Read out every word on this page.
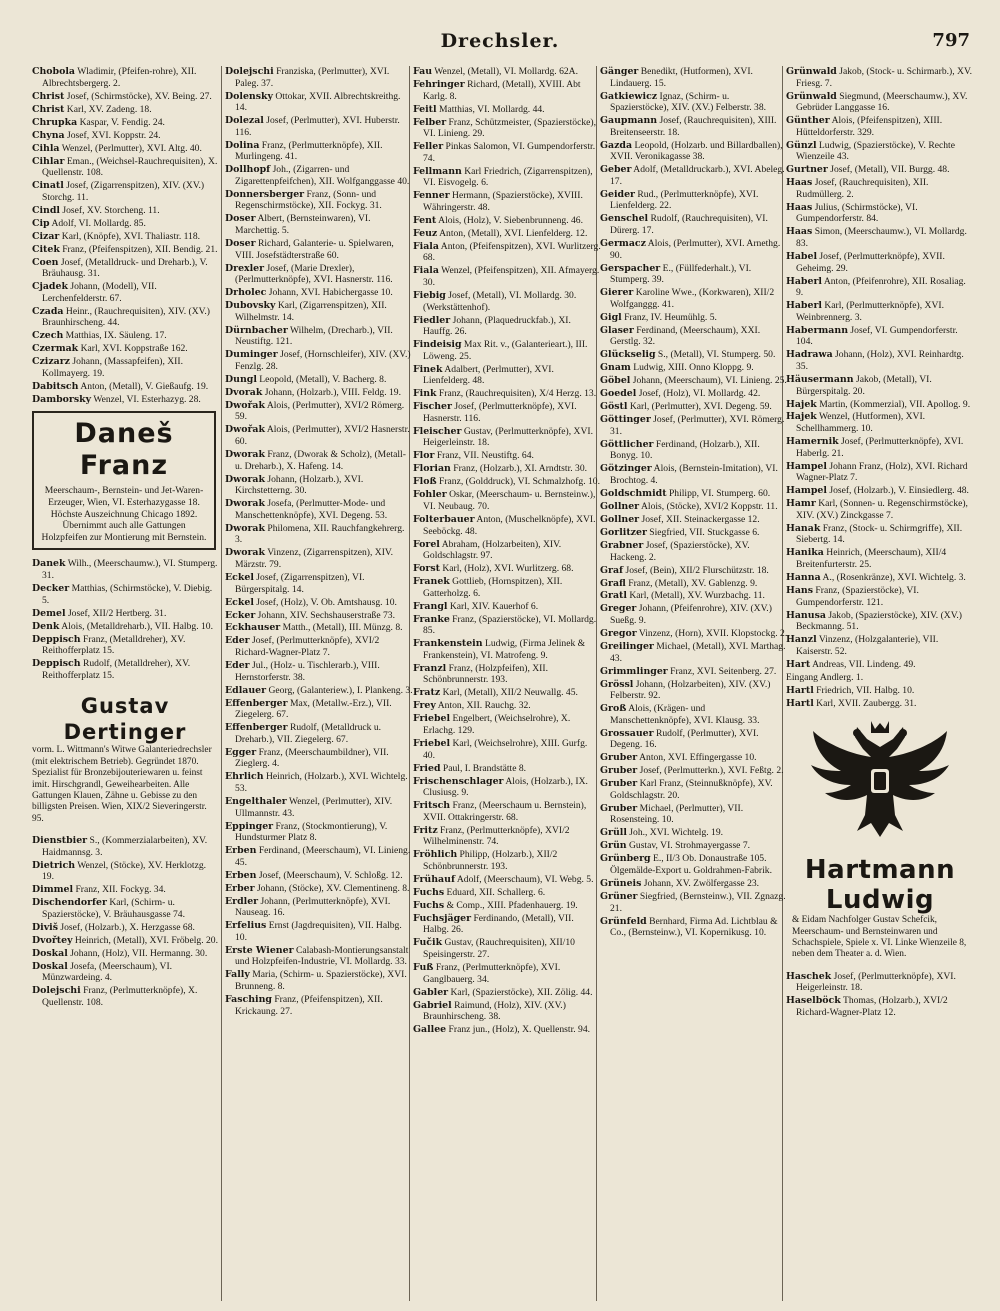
Drechsler.	797
Chobola Wladimir, (Pfeifen-rohre), XII. Albrechtsbergerg. 2.
Christ Josef, (Schirmstöcke), XV. Being. 27.
Christ Karl, XV. Zadeng. 18.
Chrupka Kaspar, V. Fendig. 24.
Chyna Josef, XVI. Koppstr. 24.
Cihla Wenzel, (Perlmutter), XVI. Altg. 40.
Cihlar Eman., (Weichsel-Rauchrequisiten), X. Quellenstr. 108.
Cinatl Josef, (Zigarrenspitzen), XIV. (XV.) Storchg. 11.
Cindl Josef, XV. Storcheng. 11.
Cip Adolf, VI. Mollardg. 85.
Cizar Karl, (Knöpfe), XVI. Thaliastr. 118.
Citek Franz, (Pfeifenspitzen), XII. Bendig. 21.
Coen Josef, (Metalldruck- und Dreharb.), V. Bräuhausg. 31.
Cjadek Johann, (Modell), VII. Lerchenfelderstr. 67.
Czada Heinr., (Rauchrequisiten), XIV. (XV.) Braunhirscheng. 44.
Czech Matthias, IX. Säuleng. 17.
Czermak Karl, XVI. Koppstraße 162.
Czizarz Johann, (Massapfeifen), XII. Kollmayerg. 19.
Dabitsch Anton, (Metall), V. Gießaufg. 19.
Damborsky Wenzel, VI. Esterhazyg. 28.
Daneš Franz
Meerschaum-, Bernstein- und Jet-Waren-Erzeuger, Wien, VI. Esterhazygasse 18. Höchste Auszeichnung Chicago 1892. Übernimmt auch alle Gattungen Holzpfeifen zur Montierung mit Bernstein.
Danek Wilh., (Meerschaumw.), VI. Stumperg. 31.
Decker Matthias, (Schirmstöcke), V. Diebig. 5.
Demel Josef, XII/2 Hertberg. 31.
Denk Alois, (Metalldreharb.), VII. Halbg. 10.
Deppisch Franz, (Metalldreher), XV. Reithofferplatz 15.
Deppisch Rudolf, (Metalldreher), XV. Reithofferplatz 15.
Gustav Dertinger
vorm. L. Wittmann's Witwe Galanteriedrechsler (mit elektrischem Betrieb). Gegründet 1870. Spezialist für Bronzebijouteriewaren u. feinst imit. Hirschgrandl, Geweihearbeiten. Alle Gattungen Klauen, Zähne u. Gebisse zu den billigsten Preisen. Wien, XIX/2 Sieveringerstr. 95.
Dienstbier S., (Kommerzialarbeiten), XV. Haidmannsg. 3.
Dietrich Wenzel, (Stöcke), XV. Herklotzg. 19.
Dimmel Franz, XII. Fockyg. 34.
Dischendorfer Karl, (Schirm- u. Spazierstöcke), V. Bräuhausgasse 74.
Diviš Josef, (Holzarb.), X. Herzgasse 68.
Dvořtey Heinrich, (Metall), XVI. Fröbelg. 20.
Doskal Johann, (Holz), VII. Hermanng. 30.
Doskal Josefa, (Meerschaum), VI. Münzwardeing. 4.
Dolejschi Franz, (Perlmutterknöpfe), X. Quellenstr. 108.
Dolejschi Franziska, (Perlmutter), XVI. Paleg. 37.
Dolensky Ottokar, XVII. Albrechtskreithg. 14.
Dolezal Josef, (Perlmutter), XVI. Huberstr. 116.
Dolina Franz, (Perlmutterknöpfe), XII. Murlingeng. 41.
Dollhopf Joh., (Zigarren- und Zigarettenpfeifchen), XII. Wolfganggasse 40.
Donnersberger Franz, (Sonn- und Regenschirmstöcke), XII. Fockyg. 31.
Doser Albert, (Bernsteinwaren), VI. Marchettig. 5.
Doser Richard, Galanterie- u. Spielwaren, VIII. Josefstädterstraße 60.
Drexler Josef, (Marie Drexler), (Perlmutterknöpfe), XVI. Hasnerstr. 116.
Drholec Johann, XVI. Habichergasse 10.
Dubovsky Karl, (Zigarrenspitzen), XII. Wilhelmstr. 14.
Dürnbacher Wilhelm, (Drecharb.), VII. Neustiftg. 121.
Duminger Josef, (Hornschleifer), XIV. (XV.) Fenzlg. 28.
Dungl Leopold, (Metall), V. Bacherg. 8.
Dvorak Johann, (Holzarb.), VIII. Feldg. 19.
Dwořak Alois, (Perlmutter), XVI/2 Römerg. 59.
Dwořak Alois, (Perlmutter), XVI/2 Hasnerstr. 60.
Dworak Franz, (Dworak & Scholz), (Metall- u. Dreharb.), X. Hafeng. 14.
Dworak Johann, (Holzarb.), XVI. Kirchstetterng. 30.
Dworak Josefa, (Perlmutter-Mode- und Manschettenknöpfe), XVI. Degeng. 53.
Dworak Philomena, XII. Rauchfangkehrerg. 3.
Dworak Vinzenz, (Zigarrenspitzen), XIV. Märzstr. 79.
Eckel Josef, (Zigarrenspitzen), VI. Bürgerspitalg. 14.
Eckel Josef, (Holz), V. Ob. Amtshausg. 10.
Ecker Johann, XIV. Sechshauserstraße 73.
Eckhauser Matth., (Metall), III. Münzg. 8.
Eder Josef, (Perlmutterknöpfe), XVI/2 Richard-Wagner-Platz 7.
Eder Jul., (Holz- u. Tischlerarb.), VIII. Hernstorferstr. 38.
Edlauer Georg, (Galanteriew.), I. Plankeng. 3.
Effenberger Max, (Metallw.-Erz.), VII. Ziegelerg. 67.
Effenberger Rudolf, (Metalldruck u. Dreharb.), VII. Ziegelerg. 67.
Egger Franz, (Meerschaumbildner), VII. Zieglerg. 4.
Ehrlich Heinrich, (Holzarb.), XVI. Wichtelg. 53.
Engelthaler Wenzel, (Perlmutter), XIV. Ullmannstr. 43.
Eppinger Franz, (Stockmontierung), V. Hundsturmer Platz 8.
Erben Ferdinand, (Meerschaum), VI. Linieng. 45.
Erben Josef, (Meerschaum), V. Schloßg. 12.
Erber Johann, (Stöcke), XV. Clementineng. 8.
Erdler Johann, (Perlmutterknöpfe), XVI. Nauseag. 16.
Erfelius Ernst (Jagdrequisiten), VII. Halbg. 10.
Erste Wiener Calabash-Montierungsanstalt und Holzpfeifen-Industrie, VI. Mollardg. 33.
Fally Maria, (Schirm- u. Spazierstöcke), XVI. Brunneng. 8.
Fasching Franz, (Pfeifenspitzen), XII. Krickaung. 27.
Fau Wenzel, (Metall), VI. Mollardg. 62A.
Fehringer Richard, (Metall), XVIII. Abt Karlg. 8.
Feitl Matthias, VI. Mollardg. 44.
Felber Franz, Schützmeister, (Spazierstöcke), VI. Linieng. 29.
Feller Pinkas Salomon, VI. Gumpendorferstr. 74.
Fellmann Karl Friedrich, (Zigarrenspitzen), VI. Eisvogelg. 6.
Fenner Hermann, (Spazierstöcke), XVIII. Währingerstr. 48.
Fent Alois, (Holz), V. Siebenbrunneng. 46.
Feuz Anton, (Metall), XVI. Lienfelderg. 12.
Fiala Anton, (Pfeifenspitzen), XVI. Wurlitzerg. 68.
Fiala Wenzel, (Pfeifenspitzen), XII. Afmayerg. 30.
Fiebig Josef, (Metall), VI. Mollardg. 30. (Werkstättenhof).
Fiedler Johann, (Plaquedruckfab.), XI. Hauffg. 26.
Findeisig Max Rit. v., (Galanterieart.), III. Löweng. 25.
Finek Adalbert, (Perlmutter), XVI. Lienfelderg. 48.
Fink Franz, (Rauchrequisiten), X/4 Herzg. 13.
Fischer Josef, (Perlmutterknöpfe), XVI. Hasnerstr. 116.
Fleischer Gustav, (Perlmutterknöpfe), XVI. Heigerleinstr. 18.
Flor Franz, VII. Neustiftg. 64.
Florian Franz, (Holzarb.), XI. Arndtstr. 30.
Floß Franz, (Golddruck), VI. Schmalzhofg. 10.
Fohler Oskar, (Meerschaum- u. Bernsteinw.), VI. Neubaug. 70.
Folterbauer Anton, (Muschelknöpfe), XVI. Seeböckg. 48.
Forel Abraham, (Holzarbeiten), XIV. Goldschlagstr. 97.
Forst Karl, (Holz), XVI. Wurlitzerg. 68.
Franek Gottlieb, (Hornspitzen), XII. Gatterholzg. 6.
Frangl Karl, XIV. Kauerhof 6.
Franke Franz, (Spazierstöcke), VI. Mollardg. 85.
Frankenstein Ludwig, (Firma Jelinek & Frankenstein), VI. Matrofeng. 9.
Franzl Franz, (Holzpfeifen), XII. Schönbrunnerstr. 193.
Fratz Karl, (Metall), XII/2 Neuwallg. 45.
Frey Anton, XII. Rauchg. 32.
Friebel Engelbert, (Weichselrohre), X. Erlachg. 129.
Friebel Karl, (Weichselrohre), XIII. Gurfg. 40.
Fried Paul, I. Brandstätte 8.
Frischenschlager Alois, (Holzarb.), IX. Clusiusg. 9.
Fritsch Franz, (Meerschaum u. Bernstein), XVII. Ottakringerstr. 68.
Fritz Franz, (Perlmutterknöpfe), XVI/2 Wilhelminenstr. 74.
Fröhlich Philipp, (Holzarb.), XII/2 Schönbrunnerstr. 193.
Frühauf Adolf, (Meerschaum), VI. Webg. 5.
Fuchs Eduard, XII. Schallerg. 6.
Fuchs & Comp., XIII. Pfadenhauerg. 19.
Fuchsjäger Ferdinando, (Metall), VII. Halbg. 26.
Fučik Gustav, (Rauchrequisiten), XII/10 Speisingerstr. 27.
Fuß Franz, (Perlmutterknöpfe), XVI. Ganglbauerg. 34.
Gabler Karl, (Spazierstöcke), XII. Zölig. 44.
Gabriel Raimund, (Holz), XIV. (XV.) Braunhirscheng. 38.
Gallee Franz jun., (Holz), X. Quellenstr. 94.
Gänger Benedikt, (Hutformen), XVI. Lindauerg. 15.
Gatkiewicz Ignaz, (Schirm- u. Spazierstöcke), XIV. (XV.) Felberstr. 38.
Gaupmann Josef, (Rauchrequisiten), XIII. Breitenseerstr. 18.
Gazda Leopold, (Holzarb. und Billardballen), XVII. Veronikagasse 38.
Geber Adolf, (Metalldruckarb.), XVI. Abeleg. 17.
Geider Rud., (Perlmutterknöpfe), XVI. Lienfelderg. 22.
Genschel Rudolf, (Rauchrequisiten), VI. Dürerg. 17.
Germacz Alois, (Perlmutter), XVI. Arnethg. 90.
Gerspacher E., (Füllfederhalt.), VI. Stumperg. 39.
Gierer Karoline Wwe., (Korkwaren), XII/2 Wolfganggg. 41.
Gigl Franz, IV. Heumühlg. 5.
Glaser Ferdinand, (Meerschaum), XXI. Gerstlg. 32.
Glückselig S., (Metall), VI. Stumperg. 50.
Gnam Ludwig, XIII. Onno Kloppg. 9.
Göbel Johann, (Meerschaum), VI. Linieng. 25.
Goedel Josef, (Holz), VI. Mollardg. 42.
Göstl Karl, (Perlmutter), XVI. Degeng. 59.
Göttinger Josef, (Perlmutter), XVI. Römerg. 31.
Göttlicher Ferdinand, (Holzarb.), XII. Bonyg. 10.
Götzinger Alois, (Bernstein-Imitation), VI. Brochtog. 4.
Goldschmidt Philipp, VI. Stumperg. 60.
Gollner Alois, (Stöcke), XVI/2 Koppstr. 11.
Gollner Josef, XII. Steinackergasse 12.
Gorlitzer Siegfried, VII. Stuckgasse 6.
Grabner Josef, (Spazierstöcke), XV. Hackeng. 2.
Graf Josef, (Bein), XII/2 Flurschützstr. 18.
Grafl Franz, (Metall), XV. Gablenzg. 9.
Gratl Karl, (Metall), XV. Wurzbachg. 11.
Greger Johann, (Pfeifenrohre), XIV. (XV.) Sueßg. 9.
Gregor Vinzenz, (Horn), XVII. Klopstockg. 2.
Greilinger Michael, (Metall), XVI. Marthag. 43.
Grimmlinger Franz, XVI. Seitenberg. 27.
Grössl Johann, (Holzarbeiten), XIV. (XV.) Felberstr. 92.
Groß Alois, (Krägen- und Manschettenknöpfe), XVI. Klausg. 33.
Grossauer Rudolf, (Perlmutter), XVI. Degeng. 16.
Gruber Anton, XVI. Effingergasse 10.
Gruber Josef, (Perlmutterkn.), XVI. Feßtg. 2.
Gruber Karl Franz, (Steinnußknöpfe), XV. Goldschlagstr. 20.
Gruber Michael, (Perlmutter), VII. Rosensteing. 10.
Grüll Joh., XVI. Wichtelg. 19.
Grün Gustav, VI. Strohmayergasse 7.
Grünberg E., II/3 Ob. Donaustraße 105. Ölgemälde-Export u. Goldrahmen-Fabrik.
Grüneis Johann, XV. Zwölfergasse 23.
Grüner Siegfried, (Bernsteinw.), VII. Zgnazg. 21.
Grünfeld Bernhard, Firma Ad. Lichtblau & Co., (Bernsteinw.), VI. Kopernikusg. 10.
Grünwald Jakob, (Stock- u. Schirmarb.), XV. Friesg. 7.
Grünwald Siegmund, (Meerschaumw.), XV. Gebrüder Langgasse 16.
Günther Alois, (Pfeifenspitzen), XIII. Hütteldorferstr. 329.
Günzl Ludwig, (Spazierstöcke), V. Rechte Wienzeile 43.
Gurtner Josef, (Metall), VII. Burgg. 48.
Haas Josef, (Rauchrequisiten), XII. Rudmüllerg. 2.
Haas Julius, (Schirmstöcke), VI. Gumpendorferstr. 84.
Haas Simon, (Meerschaumw.), VI. Mollardg. 83.
Habel Josef, (Perlmutterknöpfe), XVII. Geheimg. 29.
Haberl Anton, (Pfeifenrohre), XII. Rosaliag. 9.
Haberl Karl, (Perlmutterknöpfe), XVI. Weinbrennerg. 3.
Habermann Josef, VI. Gumpendorferstr. 104.
Hadrawa Johann, (Holz), XVI. Reinhardtg. 35.
Häusermann Jakob, (Metall), VI. Bürgerspitalg. 20.
Hajek Martin, (Kommerzial), VII. Apollog. 9.
Hajek Wenzel, (Hutformen), XVI. Schellhammerg. 10.
Hamernik Josef, (Perlmutterknöpfe), XVI. Haberlg. 21.
Hampel Johann Franz, (Holz), XVI. Richard Wagner-Platz 7.
Hampel Josef, (Holzarb.), V. Einsiedlerg. 48.
Hamr Karl, (Sonnen- u. Regenschirmstöcke), XIV. (XV.) Zinckgasse 7.
Hanak Franz, (Stock- u. Schirmgriffe), XII. Siebertg. 14.
Hanika Heinrich, (Meerschaum), XII/4 Breitenfurterstr. 25.
Hanna A., (Rosenkränze), XVI. Wichtelg. 3.
Hans Franz, (Spazierstöcke), VI. Gumpendorferstr. 121.
Hanusa Jakob, (Spazierstöcke), XIV. (XV.) Beckmanng. 51.
Hanzl Vinzenz, (Holzgalanterie), VII. Kaiserstr. 52.
Hart Andreas, VII. Lindeng. 49.
Eingang Andlerg. 1.
Hartl Friedrich, VII. Halbg. 10.
Hartl Karl, XVII. Zaubergg. 31.
Hartmann Ludwig
& Eidam Nachfolger Gustav Schefcik, Meerschaum- und Bernsteinwaren und Schachspiele, Spiele x. VI. Linke Wienzeile 8, neben dem Theater a. d. Wien.
Haschek Josef, (Perlmutterknöpfe), XVI. Heigerleinstr. 18.
Haselböck Thomas, (Holzarb.), XVI/2 Richard-Wagner-Platz 12.
